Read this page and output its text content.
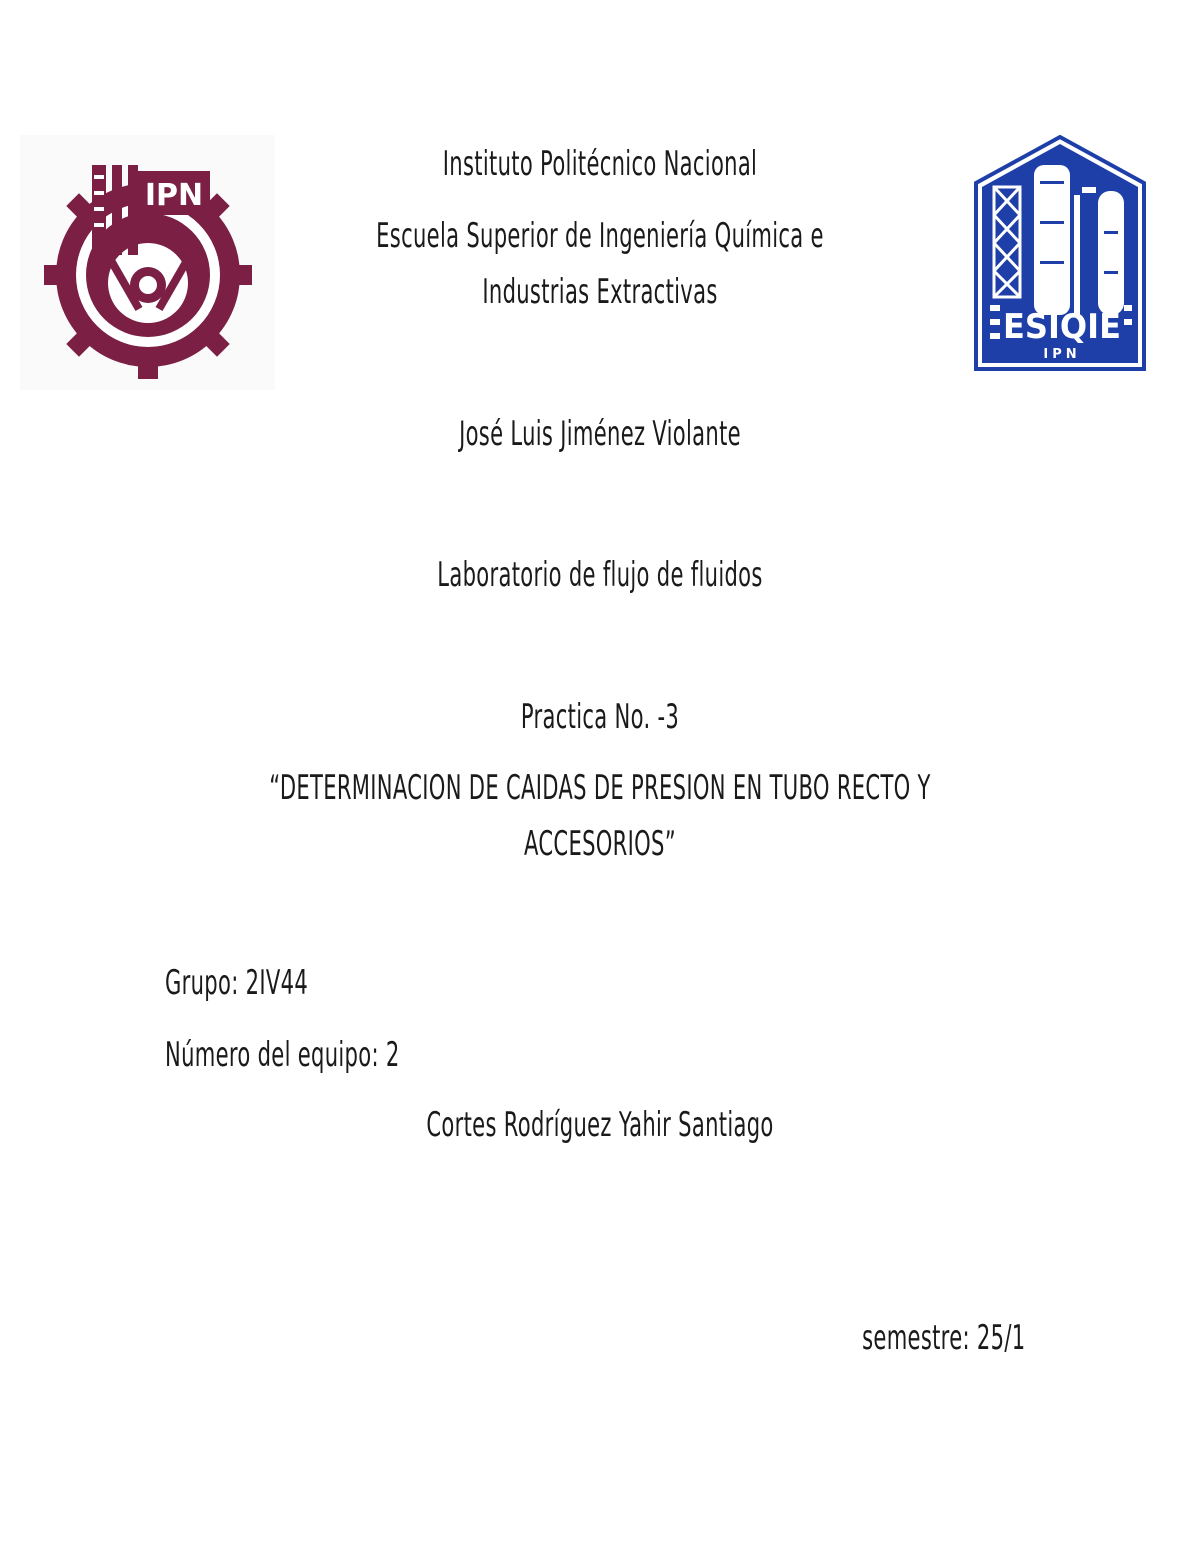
IPN
ESIQIE
IPN
Instituto Politécnico Nacional
Escuela Superior de Ingeniería Química e
Industrias Extractivas
José Luis Jiménez Violante
Laboratorio de flujo de fluidos
Practica No. -3
“DETERMINACION DE CAIDAS DE PRESION EN TUBO RECTO Y
ACCESORIOS”
Grupo: 2IV44
Número del equipo: 2
Cortes Rodríguez Yahir Santiago
semestre: 25/1
